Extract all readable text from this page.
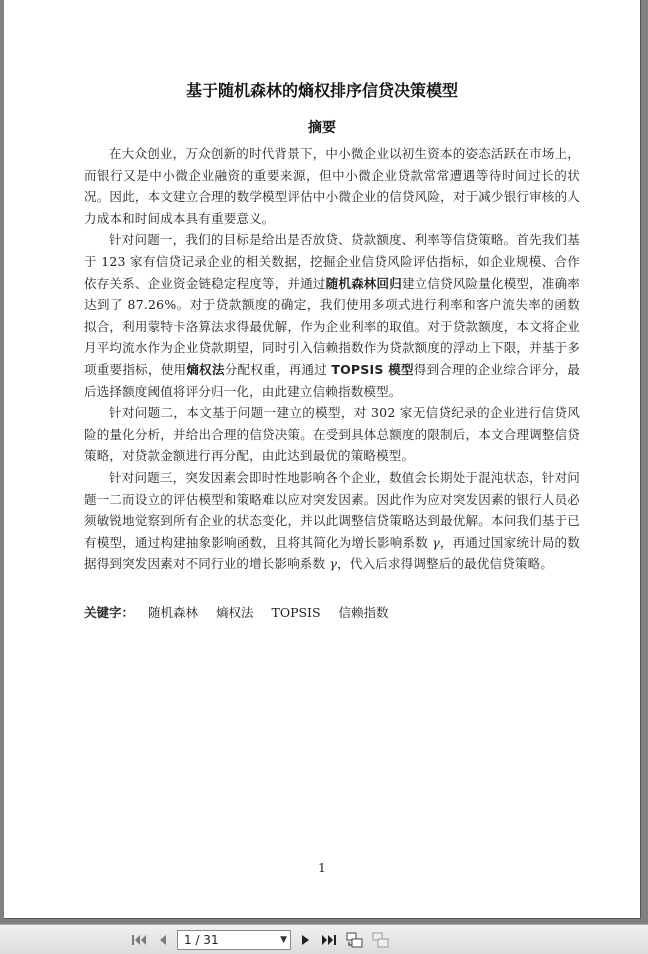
基于随机森林的熵权排序信贷决策模型
摘要

在大众创业，万众创新的时代背景下，中小微企业以初生资本的姿态活跃在市场上，而银行又是中小微企业融资的重要来源，但中小微企业贷款常常遭遇等待时间过长的状况。因此，本文建立合理的数学模型评估中小微企业的信贷风险，对于减少银行审核的人力成本和时间成本具有重要意义。

针对问题一，我们的目标是给出是否放贷、贷款额度、利率等信贷策略。首先我们基于 123 家有信贷记录企业的相关数据，挖掘企业信贷风险评估指标，如企业规模、合作依存关系、企业资金链稳定程度等，并通过随机森林回归建立信贷风险量化模型，准确率达到了 87.26%。对于贷款额度的确定，我们使用多项式进行利率和客户流失率的函数拟合，利用蒙特卡洛算法求得最优解，作为企业利率的取值。对于贷款额度，本文将企业月平均流水作为企业贷款期望，同时引入信赖指数作为贷款额度的浮动上下限，并基于多项重要指标，使用熵权法分配权重，再通过 TOPSIS 模型得到合理的企业综合评分，最后选择额度阈值将评分归一化，由此建立信赖指数模型。

针对问题二，本文基于问题一建立的模型，对 302 家无信贷纪录的企业进行信贷风险的量化分析，并给出合理的信贷决策。在受到具体总额度的限制后，本文合理调整信贷策略，对贷款金额进行再分配，由此达到最优的策略模型。

针对问题三，突发因素会即时性地影响各个企业，数值会长期处于混沌状态，针对问题一二而设立的评估模型和策略难以应对突发因素。因此作为应对突发因素的银行人员必须敏锐地觉察到所有企业的状态变化，并以此调整信贷策略达到最优解。本问我们基于已有模型，通过构建抽象影响函数，且将其简化为增长影响系数 γ，再通过国家统计局的数据得到突发因素对不同行业的增长影响系数 γ，代入后求得调整后的最优信贷策略。

关键字： 随机森林 熵权法 TOPSIS 信赖指数
1
1 / 31	▼
